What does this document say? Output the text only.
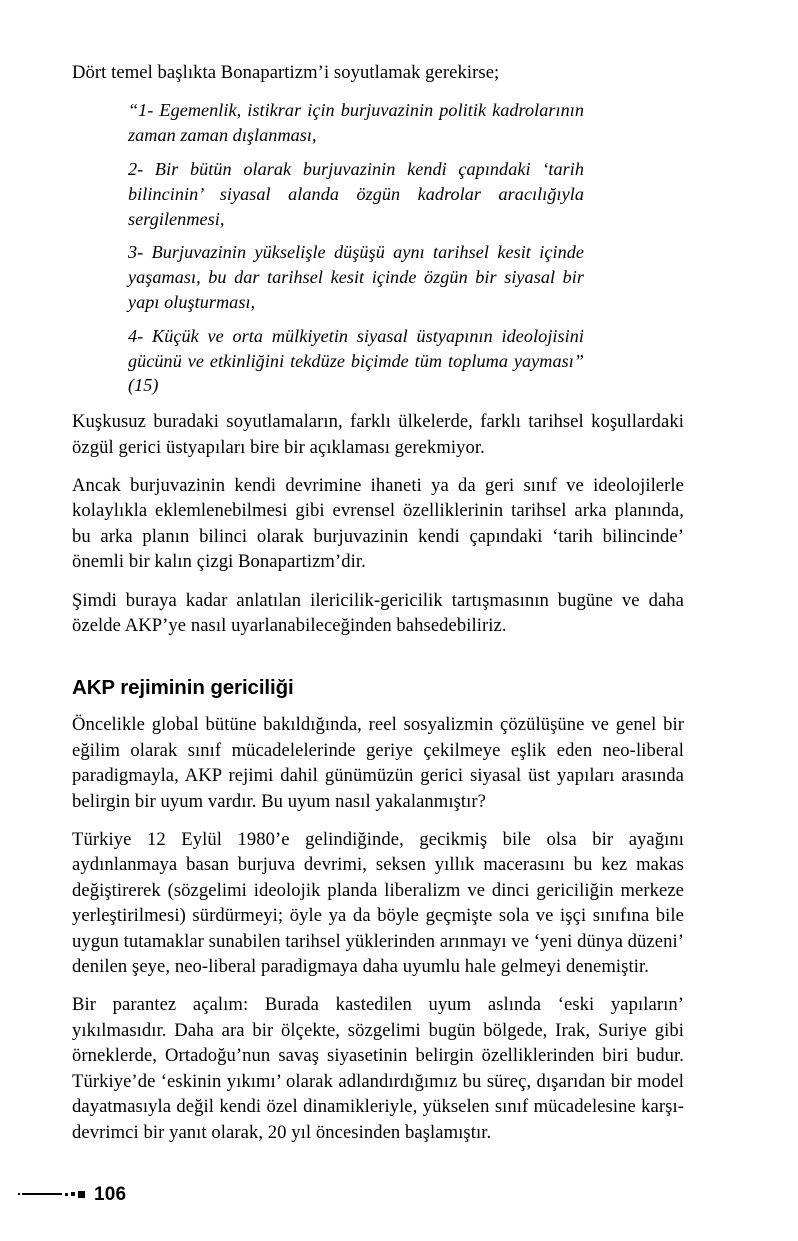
Dört temel başlıkta Bonapartizm’i soyutlamak gerekirse;

“1- Egemenlik, istikrar için burjuvazinin politik kadrolarının zaman zaman dışlanması,

2- Bir bütün olarak burjuvazinin kendi çapındaki ‘tarih bilincinin’ siyasal alanda özgün kadrolar aracılığıyla sergilenmesi,

3- Burjuvazinin yükselişle düşüşü aynı tarihsel kesit içinde yaşaması, bu dar tarihsel kesit içinde özgün bir siyasal bir yapı oluşturması,

4- Küçük ve orta mülkiyetin siyasal üstyapının ideolojisini gücünü ve etkinliğini tekdüze biçimde tüm topluma yayması” (15)

Kuşkusuz buradaki soyutlamaların, farklı ülkelerde, farklı tarihsel koşullardaki özgül gerici üstyapıları bire bir açıklaması gerekmiyor.

Ancak burjuvazinin kendi devrimine ihaneti ya da geri sınıf ve ideolojilerle kolaylıkla eklemlenebilmesi gibi evrensel özelliklerinin tarihsel arka planında, bu arka planın bilinci olarak burjuvazinin kendi çapındaki ‘tarih bilincinde’ önemli bir kalın çizgi Bonapartizm’dir.

Şimdi buraya kadar anlatılan ilericilik-gericilik tartışmasının bugüne ve daha özelde AKP’ye nasıl uyarlanabileceğinden bahsedebiliriz.

AKP rejiminin gericiliği

Öncelikle global bütüne bakıldığında, reel sosyalizmin çözülüşüne ve genel bir eğilim olarak sınıf mücadelelerinde geriye çekilmeye eşlik eden neo-liberal paradigmayla, AKP rejimi dahil günümüzün gerici siyasal üst yapıları arasında belirgin bir uyum vardır. Bu uyum nasıl yakalanmıştır?

Türkiye 12 Eylül 1980’e gelindiğinde, gecikmiş bile olsa bir ayağını aydınlanmaya basan burjuva devrimi, seksen yıllık macerasını bu kez makas değiştirerek (sözgelimi ideolojik planda liberalizm ve dinci gericiliğin merkeze yerleştirilmesi) sürdürmeyi; öyle ya da böyle geçmişte sola ve işçi sınıfına bile uygun tutamaklar sunabilen tarihsel yüklerinden arınmayı ve ‘yeni dünya düzeni’ denilen şeye, neo-liberal paradigmaya daha uyumlu hale gelmeyi denemiştir.

Bir parantez açalım: Burada kastedilen uyum aslında ‘eski yapıların’ yıkılmasıdır. Daha ara bir ölçekte, sözgelimi bugün bölgede, Irak, Suriye gibi örneklerde, Ortadoğu’nun savaş siyasetinin belirgin özelliklerinden biri budur. Türkiye’de ‘eskinin yıkımı’ olarak adlandırdığımız bu süreç, dışarıdan bir model dayatmasıyla değil kendi özel dinamikleriyle, yükselen sınıf mücadelesine karşı-devrimci bir yanıt olarak, 20 yıl öncesinden başlamıştır.

106
